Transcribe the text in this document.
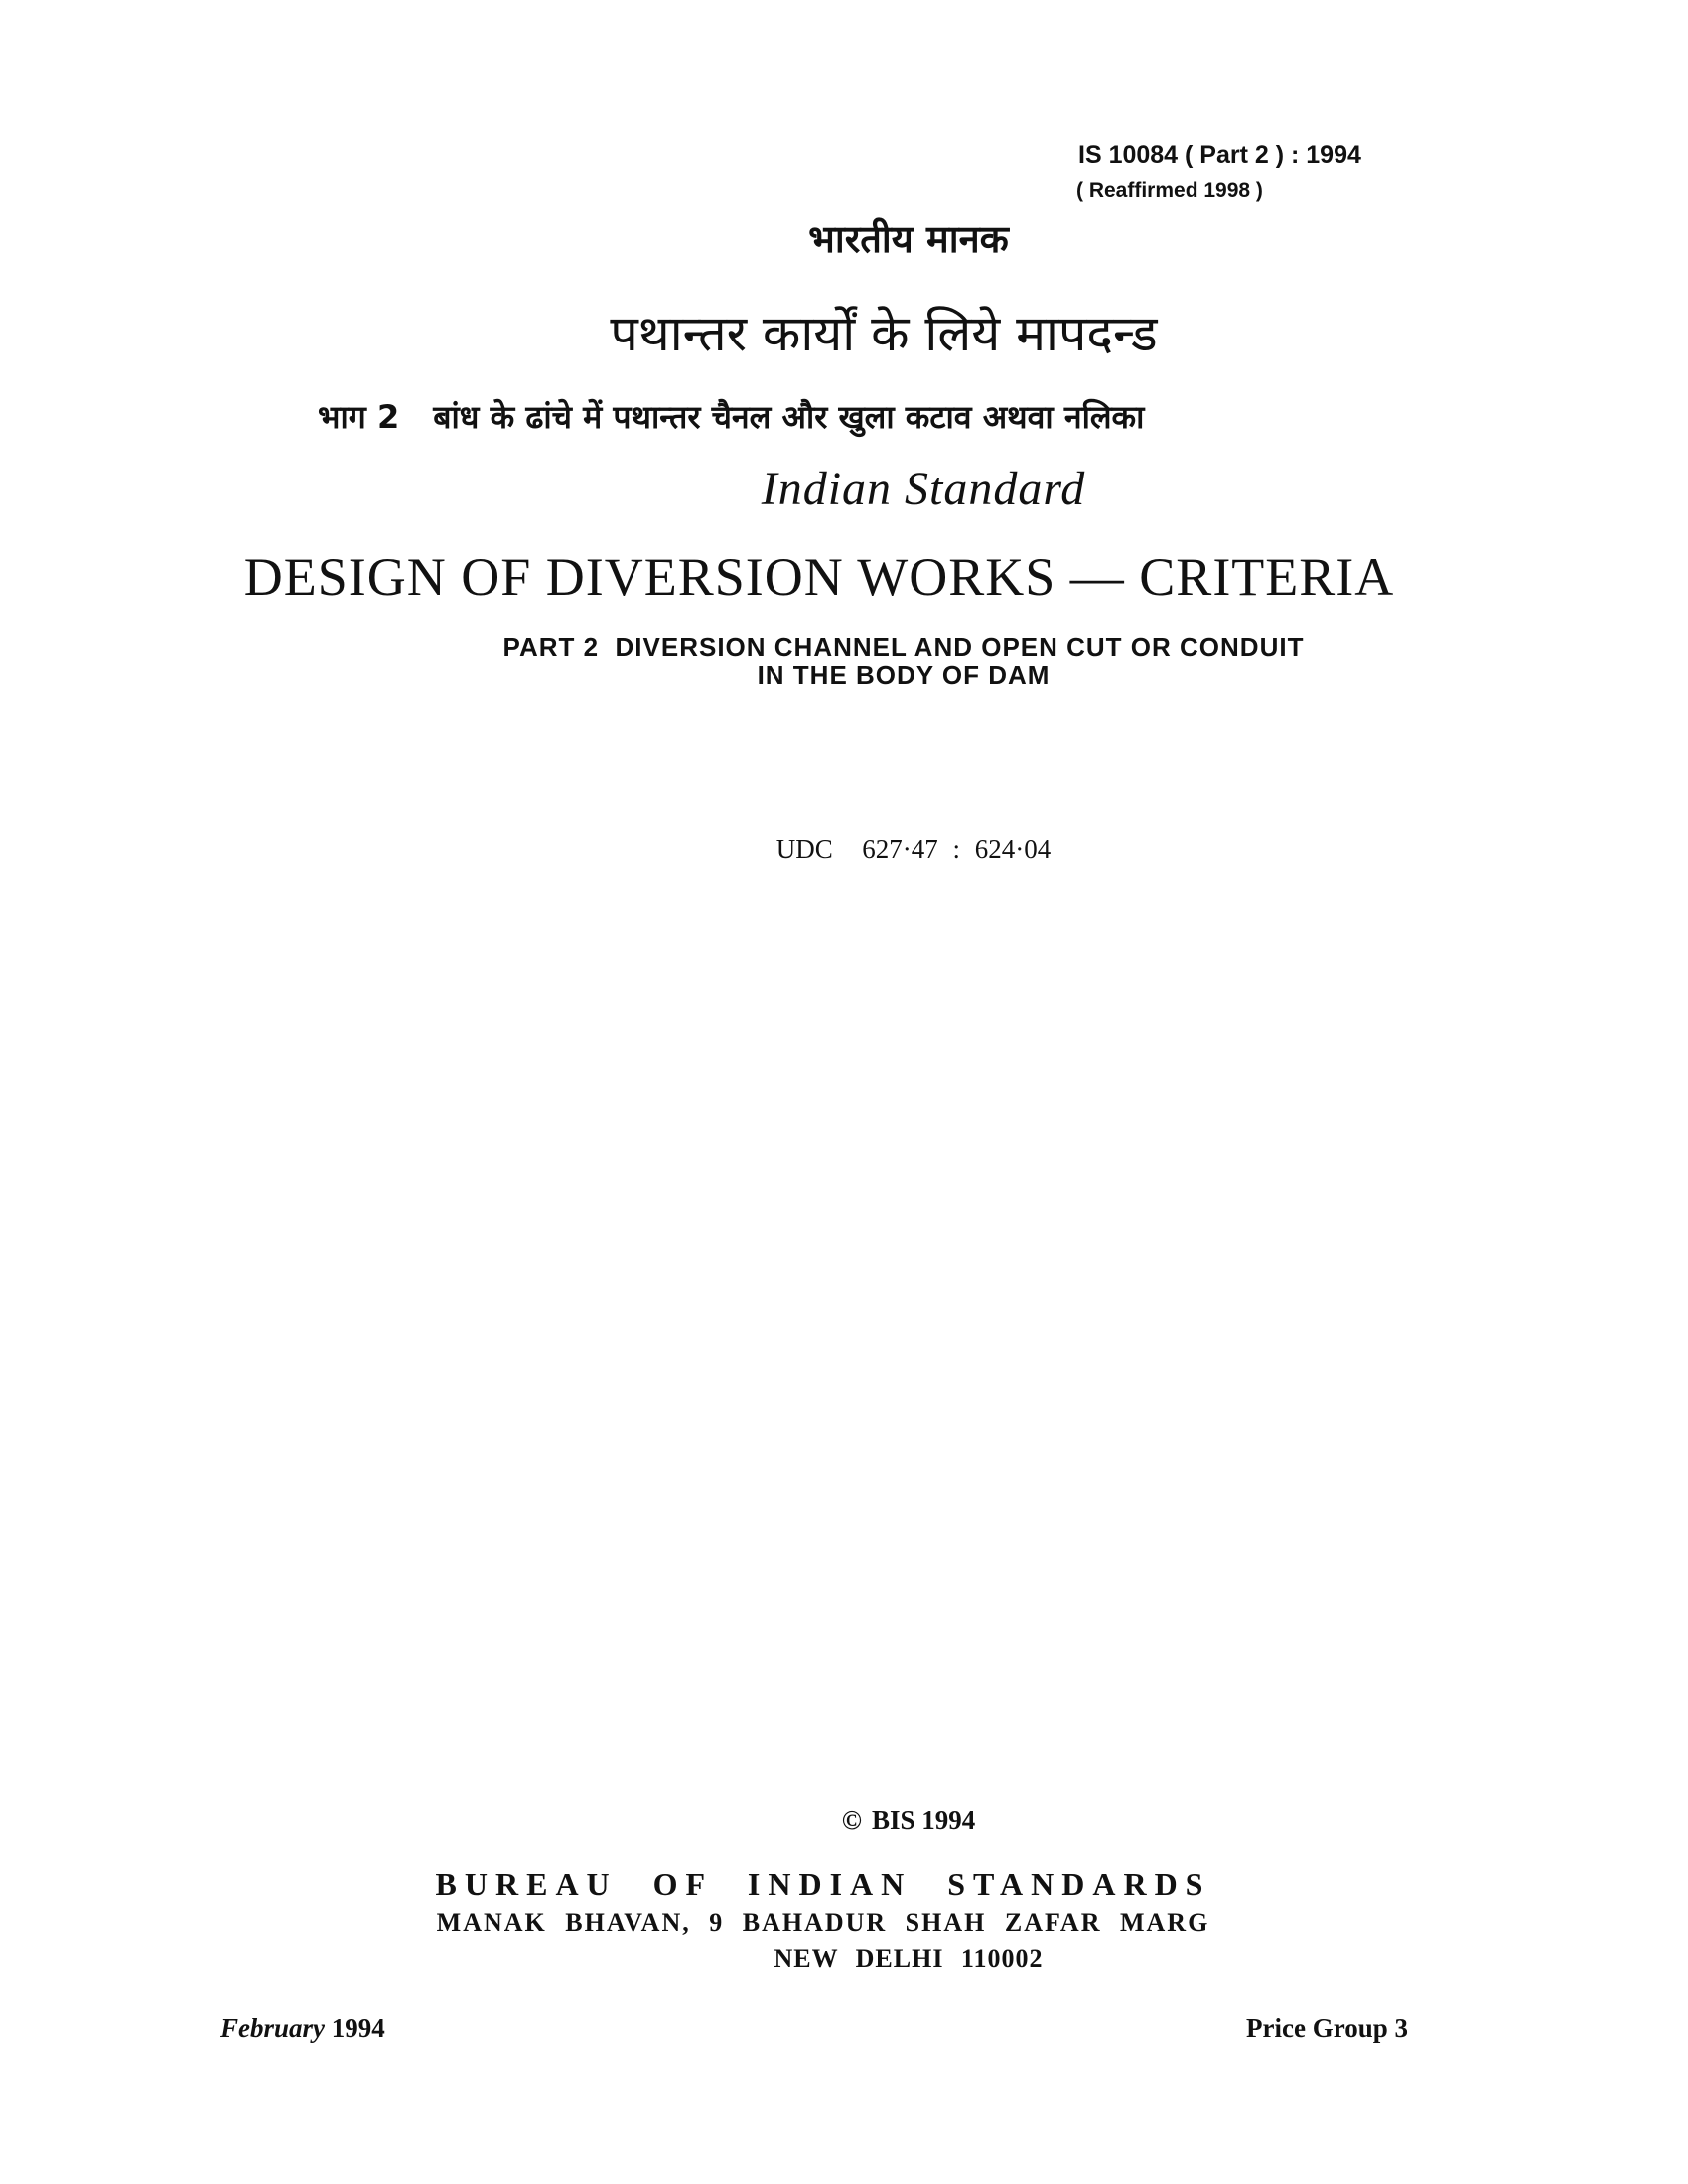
IS 10084 ( Part 2 ) : 1994
( Reaffirmed 1998 )
भारतीय मानक
पथान्तर कार्यों के लिये मापदन्ड
भाग 2 बांध के ढांचे में पथान्तर चैनल और खुला कटाव अथवा नलिका
Indian Standard
DESIGN OF DIVERSION WORKS — CRITERIA
PART 2  DIVERSION CHANNEL AND OPEN CUT OR CONDUIT
IN THE BODY OF DAM
UDC  627·47 : 624·04
© BIS 1994
BUREAU OF INDIAN STANDARDS
MANAK BHAVAN, 9 BAHADUR SHAH ZAFAR MARG
NEW DELHI 110002
February 1994	Price Group 3
